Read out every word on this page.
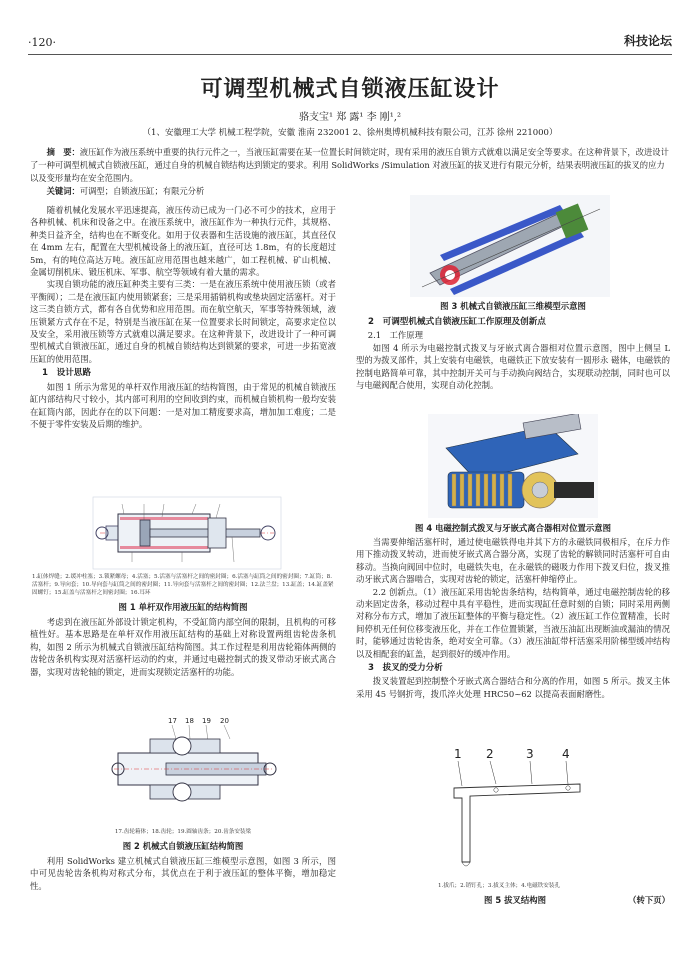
·120·	科技论坛
可调型机械式自锁液压缸设计
骆支宝¹ 郑 露¹ 李 刚¹,²
（1、安徽理工大学 机械工程学院，安徽 淮南 232001 2、徐州奥博机械科技有限公司，江苏 徐州 221000）
摘　要：液压缸作为液压系统中重要的执行元件之一，当液压缸需要在某一位置长时间锁定时，现有采用的液压自锁方式就难以满足安全等要求。在这种背景下，改进设计了一种可调型机械式自锁液压缸，通过自身的机械自锁结构达到锁定的要求。利用 SolidWorks /Simulation 对液压缸的拔叉进行有限元分析，结果表明液压缸的拔叉的应力以及变形量均在安全范围内。
关键词：可调型；自锁液压缸；有限元分析

随着机械化发展水平迅速提高，液压传动已成为一门必不可少的技术，应用于各种机械、机床和设备之中。在液压系统中，液压缸作为一种执行元件，其规格、种类日益齐全，结构也在不断变化。如用于仪表器和生活设施的液压缸，其直径仅在 4mm 左右，配置在大型机械设备上的液压缸，直径可达 1.8m，有的长度超过 5m，有的吨位高达万吨。液压缸应用范围也越来越广，如工程机械、矿山机械、金属切削机床、锻压机床、军事、航空等领域有着大量的需求。

实现自锁功能的液压缸种类主要有三类：一是在液压系统中使用液压锁（或者平衡阀）；二是在液压缸内使用锁紧套；三是采用插销机构或垫块固定活塞杆。对于这三类自锁方式，都有各自优势和应用范围。而在航空航天，军事等特殊领域，液压锁紧方式存在不足，特别是当液压缸在某一位置要求长时间锁定，高要求定位以及安全，采用液压锁等方式就难以满足要求。在这种背景下，改进设计了一种可调型机械式自锁液压缸，通过自身的机械自锁结构达到锁紧的要求，可进一步拓宽液压缸的使用范围。

1　设计思路

如图 1 所示为常见的单杆双作用液压缸的结构简图，由于常见的机械自锁液压缸内部结构尺寸较小，其内部可利用的空间收到约束，而机械自锁机构一般均安装在缸筒内部，因此存在的以下问题：一是对加工精度要求高，增加加工难度；二是不便于零件安装及后期的维护。

1.缸体焊缝；2.缓冲柱塞；3.锁紧螺母；4.活塞；5.活塞与活塞杆之间的密封圈；6.活塞与缸筒之间的密封圈；7.缸筒；8.活塞杆；9.导向套；10.导向套与缸筒之间的密封圈；11.导向套与活塞杆之间的密封圈；12.法兰盘；13.缸盖；14.缸盖紧固螺钉；15.缸盖与活塞杆之间密封圈；16.耳环
图 1 单杆双作用液压缸的结构简图

考虑到在液压缸外部设计锁定机构，不受缸筒内部空间的限制，且机构的可移植性好。基本思路是在单杆双作用液压缸结构的基础上对称设置两组齿轮齿条机构，如图 2 所示为机械式自锁液压缸结构简图。其工作过程是利用齿轮箱体两侧的齿轮齿条机构实现对活塞杆运动的约束，并通过电磁控制式的拨叉带动牙嵌式离合器，实现对齿轮轴的锁定，进而实现锁定活塞杆的功能。

17 18 19 20
17.齿轮箱体；18.齿轮；19.圆轴齿条；20.齿条安装梁
图 2 机械式自锁液压缸结构简图

利用 SolidWorks 建立机械式自锁液压缸三维模型示意图，如图 3 所示，图中可见齿轮齿条机构对称式分布，其优点在于利于液压缸的整体平衡，增加稳定性。

图 3 机械式自锁液压缸三维模型示意图
2　可调型机械式自锁液压缸工作原理及创新点
2.1　工作原理

如图 4 所示为电磁控制式拨叉与牙嵌式离合器相对位置示意图，图中上侧呈 L 型的为拨叉部件，其上安装有电磁铁，电磁铁正下放安装有一圆形永 磁体，电磁铁的控制电路简单可靠，其中控制开关可与手动换向阀结合，实现联动控制，同时也可以与电磁阀配合使用，实现自动化控制。

图 4 电磁控制式拨叉与牙嵌式离合器相对位置示意图

当需要伸缩活塞杆时，通过使电磁铁得电并其下方的永磁铁同极相斥，在斥力作用下推动拨叉转动，进而使牙嵌式离合器分离，实现了齿轮的解锁同时活塞杆可自由移动。当换向阀回中位时，电磁铁失电，在永磁铁的磁吸力作用下拨叉归位，拨叉推动牙嵌式离合器啮合，实现对齿轮的锁定，活塞杆伸缩停止。

2.2 创新点。（1）液压缸采用齿轮齿条结构，结构简单，通过电磁控制齿轮的移动来固定齿条，移动过程中具有平稳性，进而实现缸任意时刻的自锁；同时采用两侧对称分布方式，增加了液压缸整体的平衡与稳定性。（2）液压缸工作位置精准，长时间停机无任何位移变液压化，并在工作位置锁紧，当液压油缸出现断油或漏油的情况时，能够通过齿轮齿条，绝对安全可靠。（3）液压油缸带杆活塞采用阶梯型缓冲结构以及相配套的缸盖，起到很好的缓冲作用。

3　拔叉的受力分析

拨叉装置起到控制整个牙嵌式离合器结合和分离的作用，如图 5 所示。拨叉主体采用 45 号钢折弯，拨爪淬火处理 HRC50~62 以提高表面耐磨性。

1 2	3 4
1.拔爪；2.销钉孔；3.拔叉主体；4.电磁铁安装孔
图 5 拔叉结构图	（转下页）
